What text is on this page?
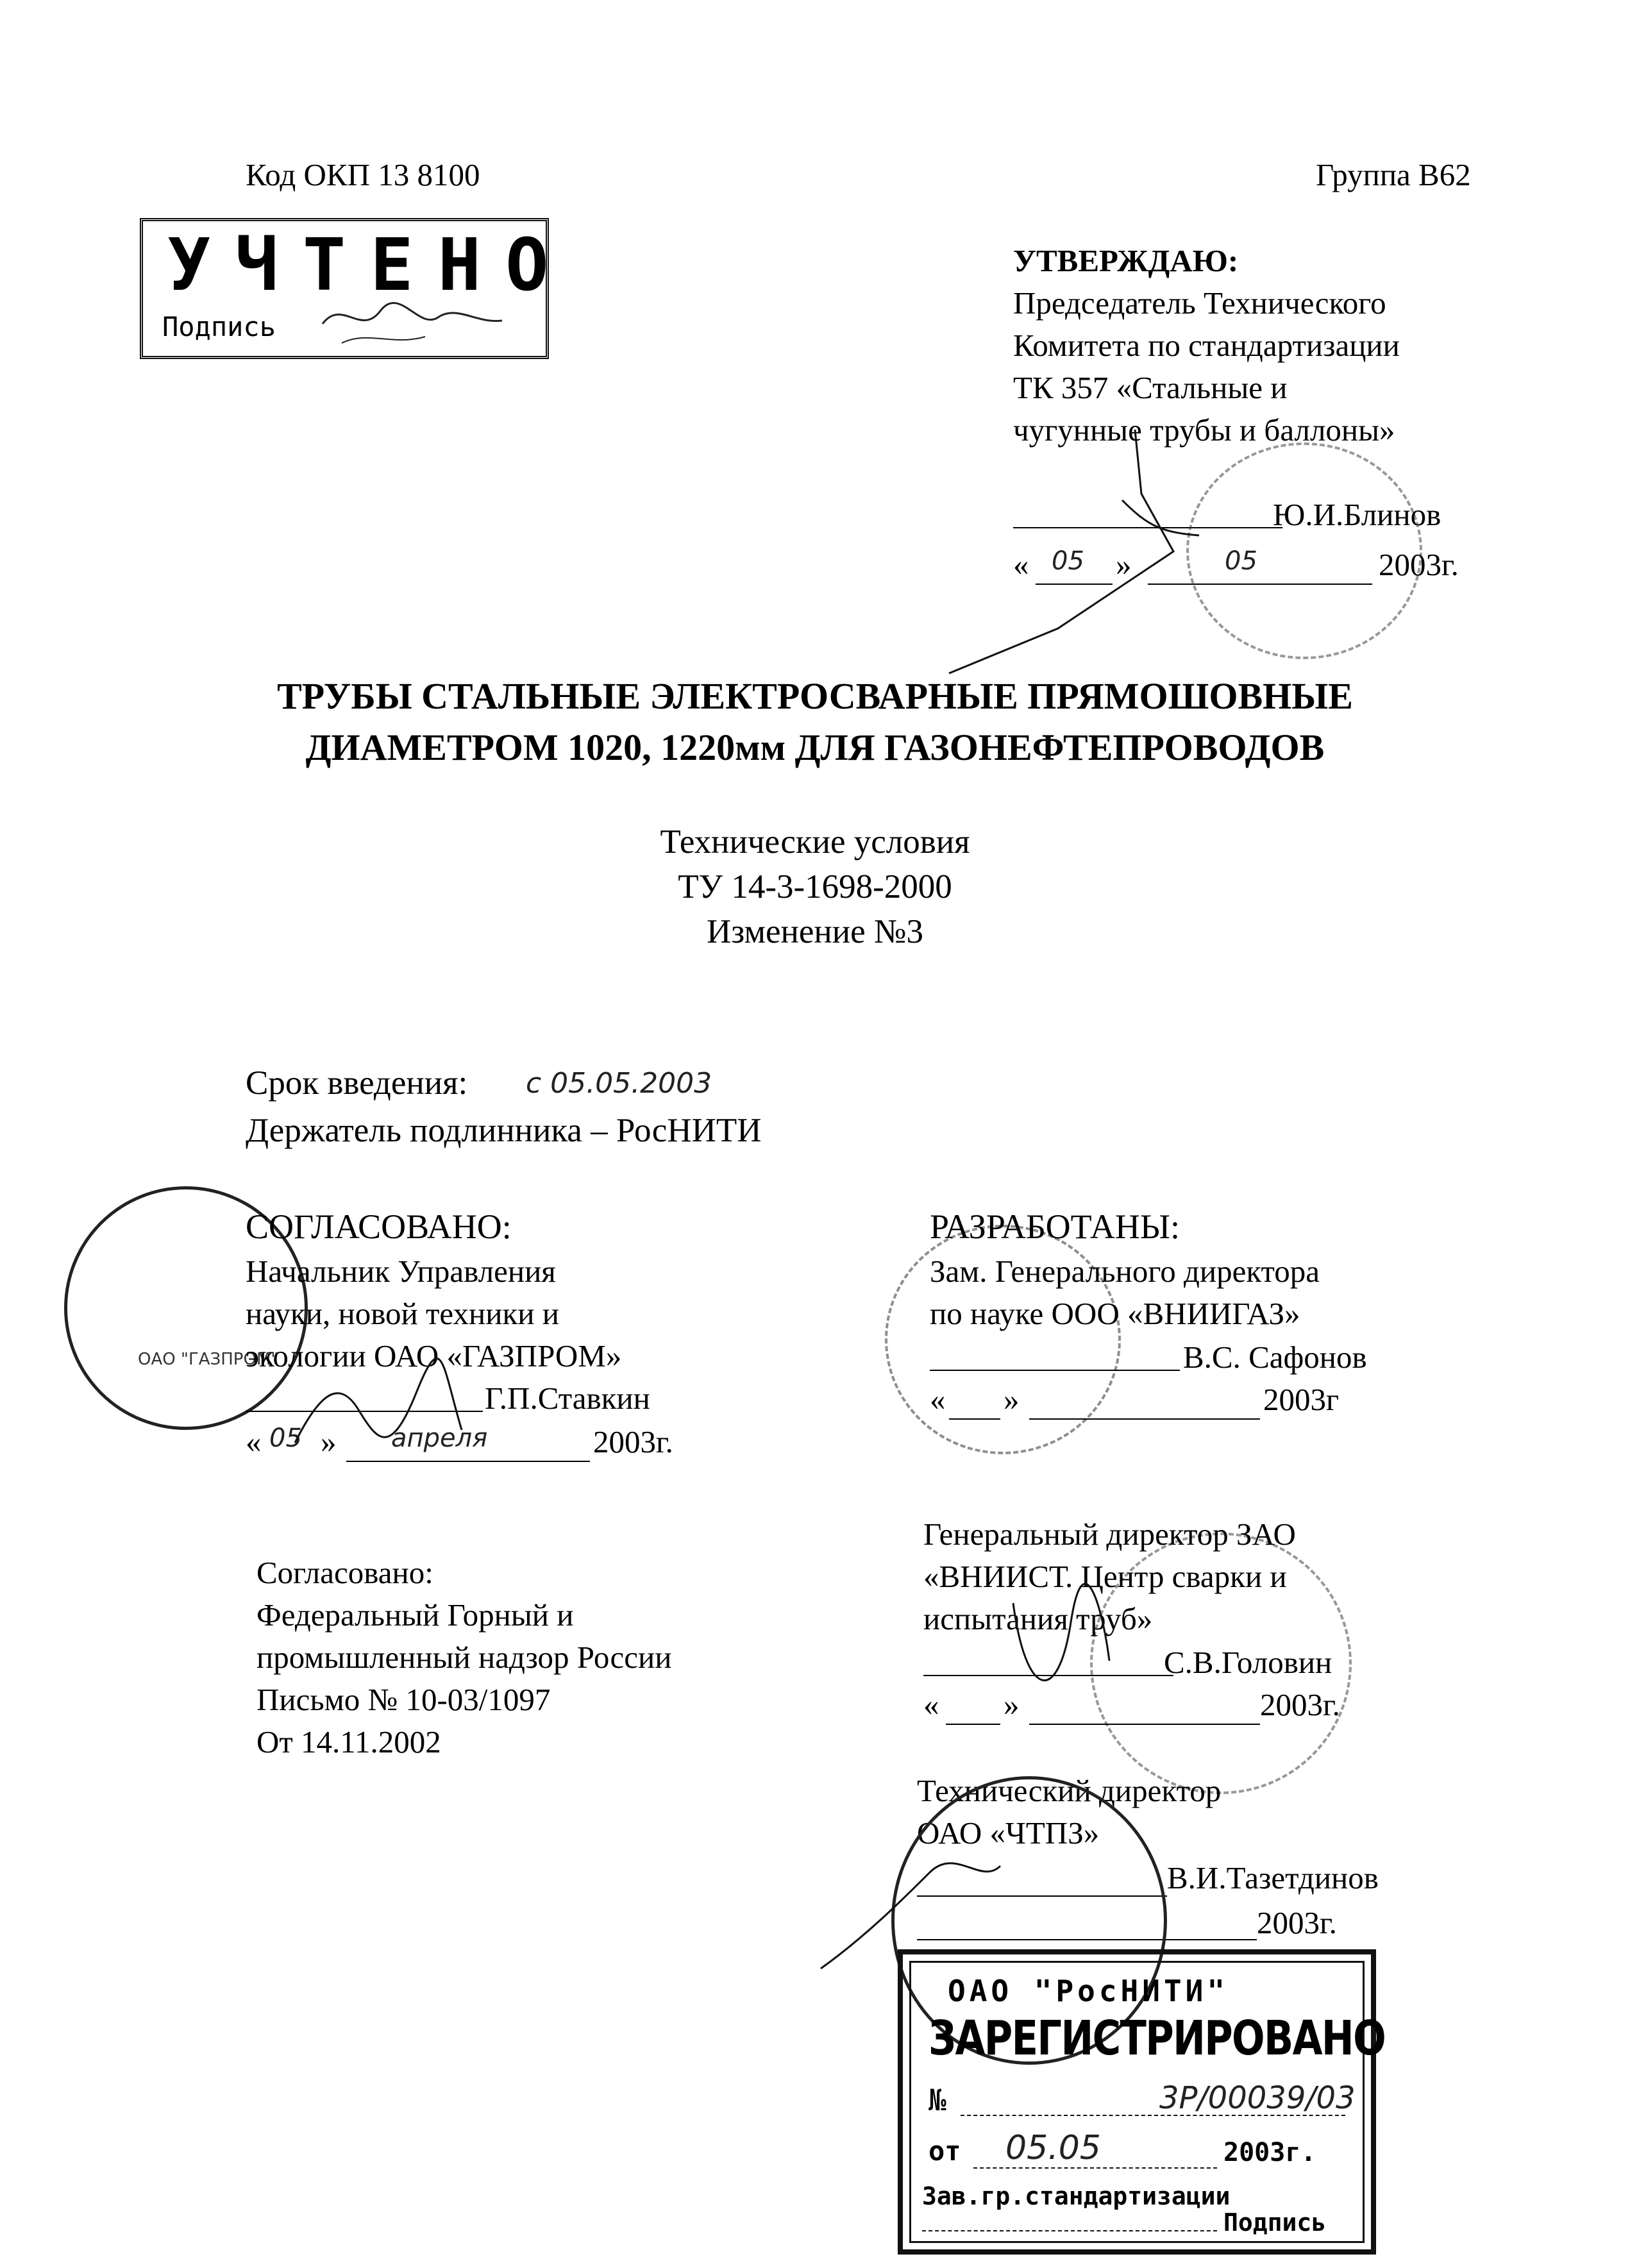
Код ОКП 13 8100	Группа В62
УЧТЕНО
Подпись
УТВЕРЖДАЮ:
Председатель Технического
Комитета по стандартизации
ТК 357 «Стальные и
чугунные трубы и баллоны»
Ю.И.Блинов
« 05 »	05	2003г.
ТРУБЫ СТАЛЬНЫЕ ЭЛЕКТРОСВАРНЫЕ ПРЯМОШОВНЫЕ
ДИАМЕТРОМ 1020, 1220мм ДЛЯ ГАЗОНЕФТЕПРОВОДОВ
Технические условия
ТУ 14-3-1698-2000
Изменение №3
Срок введения: с 05.05.2003
Держатель подлинника – РосНИТИ
ОАО "ГАЗПРОМ"
СОГЛАСОВАНО:
Начальник Управления
науки, новой техники и
экологии ОАО «ГАЗПРОМ»
Г.П.Ставкин
« 05 » апреля	2003г.
РАЗРАБОТАНЫ:
Зам. Генерального директора
по науке ООО «ВНИИГАЗ»
В.С. Сафонов
« »	2003г
Согласовано:
Федеральный Горный и
промышленный надзор России
Письмо № 10-03/1097
От 14.11.2002
Генеральный директор ЗАО
«ВНИИСТ. Центр сварки и
испытания труб»
С.В.Головин
« »	2003г.
Технический директор
ОАО «ЧТПЗ»
В.И.Тазетдинов
2003г.
ОАО "РосНИТИ"
ЗАРЕГИСТРИРОВАНО
№	3Р/00039/03
от 05.05	2003г.
Зав.гр.стандартизации
Подпись
